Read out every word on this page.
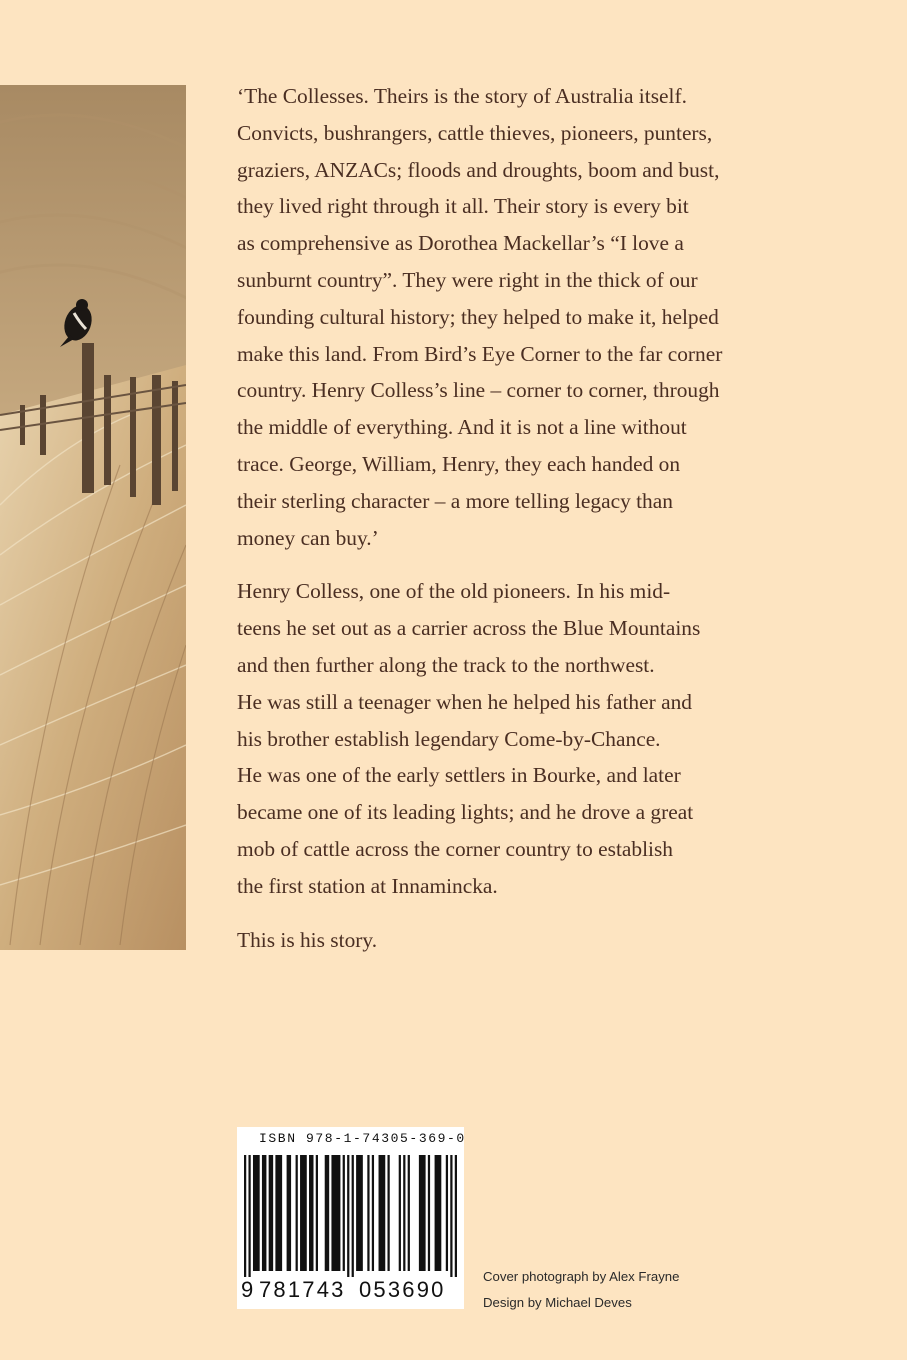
‘The Collesses. Theirs is the story of Australia itself.
Convicts, bushrangers, cattle thieves, pioneers, punters,
graziers, ANZACs; floods and droughts, boom and bust,
they lived right through it all. Their story is every bit
as comprehensive as Dorothea Mackellar’s “I love a
sunburnt country”. They were right in the thick of our
founding cultural history; they helped to make it, helped
make this land. From Bird’s Eye Corner to the far corner
country. Henry Colless’s line – corner to corner, through
the middle of everything. And it is not a line without
trace. George, William, Henry, they each handed on
their sterling character – a more telling legacy than
money can buy.’

Henry Colless, one of the old pioneers. In his mid-
teens he set out as a carrier across the Blue Mountains
and then further along the track to the northwest.
He was still a teenager when he helped his father and
his brother establish legendary Come-by-Chance.
He was one of the early settlers in Bourke, and later
became one of its leading lights; and he drove a great
mob of cattle across the corner country to establish
the first station at Innamincka.

This is his story.

ISBN 978-1-74305-369-0
9 781743 053690
Cover photograph by Alex Frayne
Design by Michael Deves
